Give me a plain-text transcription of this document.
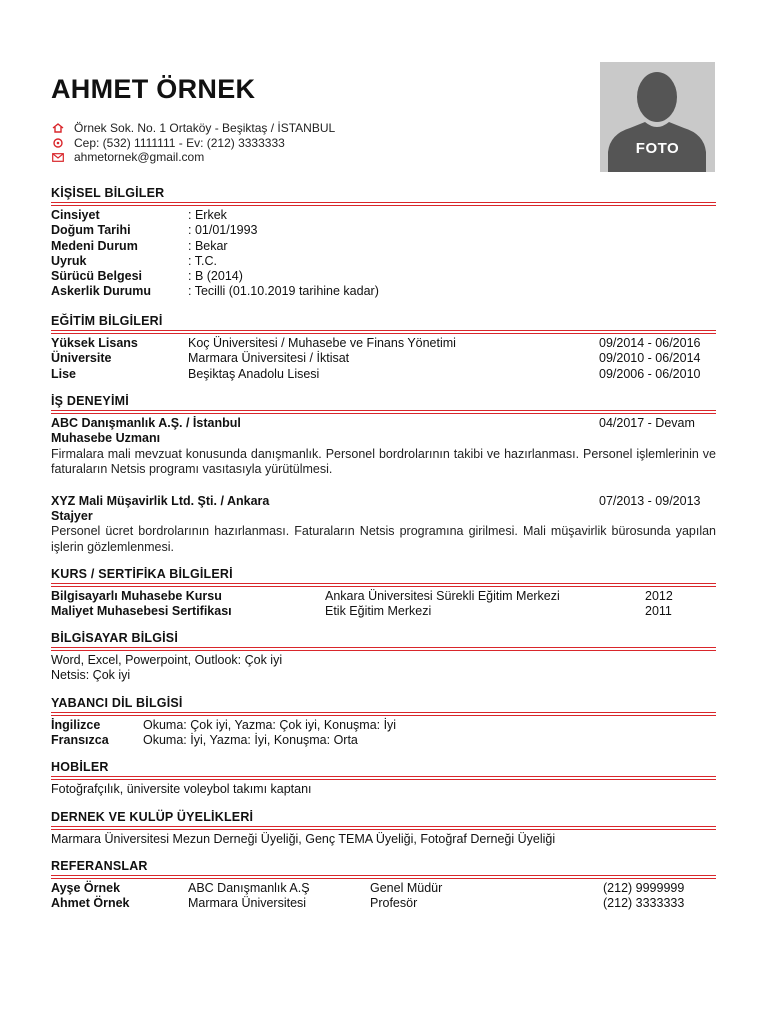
AHMET ÖRNEK
Örnek Sok. No. 1 Ortaköy - Beşiktaş / İSTANBUL
Cep: (532) 1111111 - Ev: (212) 3333333
ahmetornek@gmail.com	FOTO
KİŞİSEL BİLGİLER
Cinsiyet	: Erkek
Doğum Tarihi	: 01/01/1993
Medeni Durum	: Bekar
Uyruk	: T.C.
Sürücü Belgesi	: B (2014)
Askerlik Durumu	: Tecilli (01.10.2019 tarihine kadar)
EĞİTİM BİLGİLERİ
Yüksek Lisans	Koç Üniversitesi / Muhasebe ve Finans Yönetimi	09/2014 - 06/2016
Üniversite	Marmara Üniversitesi / İktisat	09/2010 - 06/2014
Lise	Beşiktaş Anadolu Lisesi	09/2006 - 06/2010
İŞ DENEYİMİ
ABC Danışmanlık A.Ş. / İstanbul	04/2017 - Devam
Muhasebe Uzmanı
Firmalara mali mevzuat konusunda danışmanlık. Personel bordrolarının takibi ve hazırlanması. Personel işlemlerinin ve faturaların Netsis programı vasıtasıyla yürütülmesi.
XYZ Mali Müşavirlik Ltd. Şti. / Ankara	07/2013 - 09/2013
Stajyer
Personel ücret bordrolarının hazırlanması. Faturaların Netsis programına girilmesi. Mali müşavirlik bürosunda yapılan işlerin gözlemlenmesi.
KURS / SERTİFİKA BİLGİLERİ
Bilgisayarlı Muhasebe Kursu	Ankara Üniversitesi Sürekli Eğitim Merkezi	2012
Maliyet Muhasebesi Sertifikası	Etik Eğitim Merkezi	2011
BİLGİSAYAR BİLGİSİ
Word, Excel, Powerpoint, Outlook: Çok iyi
Netsis: Çok iyi
YABANCI DİL BİLGİSİ
İngilizce	Okuma: Çok iyi, Yazma: Çok iyi, Konuşma: İyi
Fransızca	Okuma: İyi, Yazma: İyi, Konuşma: Orta
HOBİLER
Fotoğrafçılık, üniversite voleybol takımı kaptanı
DERNEK VE KULÜP ÜYELİKLERİ
Marmara Üniversitesi Mezun Derneği Üyeliği, Genç TEMA Üyeliği, Fotoğraf Derneği Üyeliği
REFERANSLAR
Ayşe Örnek	ABC Danışmanlık A.Ş	Genel Müdür	(212) 9999999
Ahmet Örnek	Marmara Üniversitesi	Profesör	(212) 3333333
